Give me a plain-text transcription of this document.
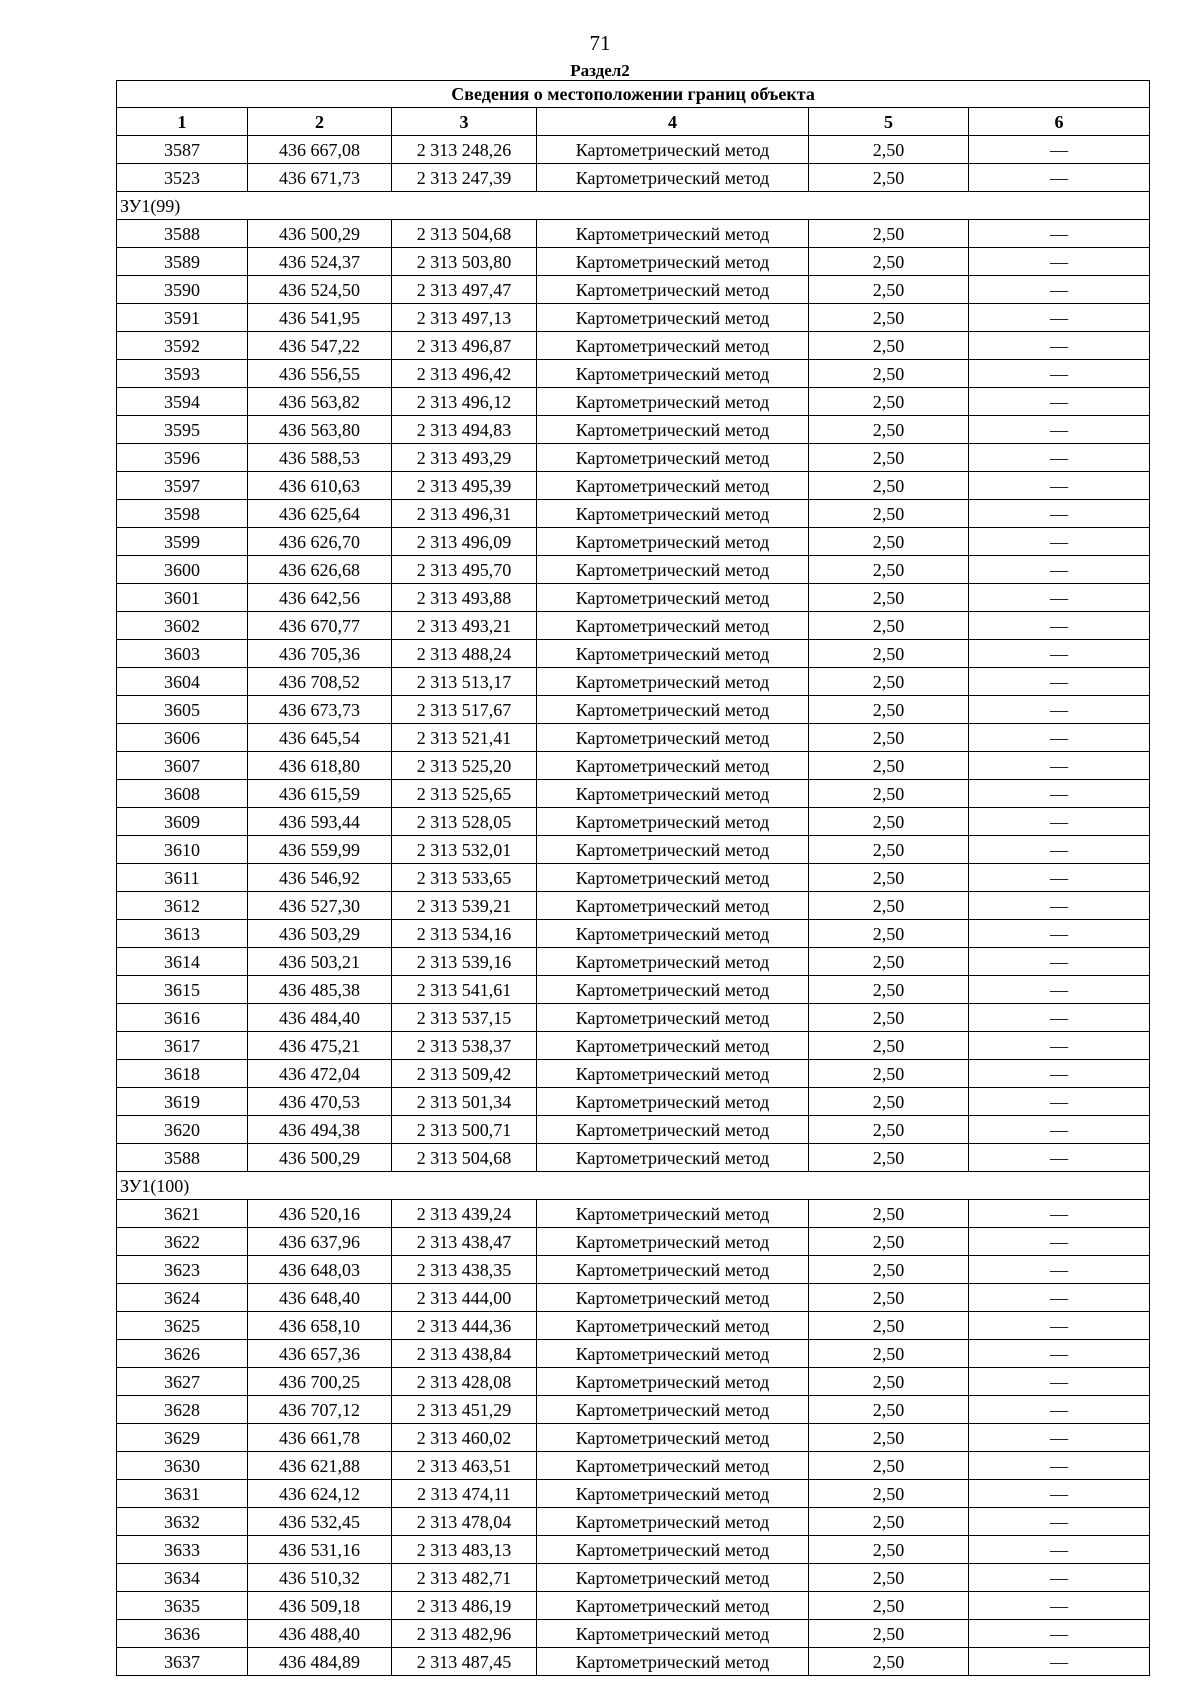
71
Раздел2
Сведения о местоположении границ объекта					
1	2	3	4	5	6
3587	436 667,08	2 313 248,26	Картометрический метод	2,50	—
3523	436 671,73	2 313 247,39	Картометрический метод	2,50	—
ЗУ1(99)					
3588	436 500,29	2 313 504,68	Картометрический метод	2,50	—
3589	436 524,37	2 313 503,80	Картометрический метод	2,50	—
3590	436 524,50	2 313 497,47	Картометрический метод	2,50	—
3591	436 541,95	2 313 497,13	Картометрический метод	2,50	—
3592	436 547,22	2 313 496,87	Картометрический метод	2,50	—
3593	436 556,55	2 313 496,42	Картометрический метод	2,50	—
3594	436 563,82	2 313 496,12	Картометрический метод	2,50	—
3595	436 563,80	2 313 494,83	Картометрический метод	2,50	—
3596	436 588,53	2 313 493,29	Картометрический метод	2,50	—
3597	436 610,63	2 313 495,39	Картометрический метод	2,50	—
3598	436 625,64	2 313 496,31	Картометрический метод	2,50	—
3599	436 626,70	2 313 496,09	Картометрический метод	2,50	—
3600	436 626,68	2 313 495,70	Картометрический метод	2,50	—
3601	436 642,56	2 313 493,88	Картометрический метод	2,50	—
3602	436 670,77	2 313 493,21	Картометрический метод	2,50	—
3603	436 705,36	2 313 488,24	Картометрический метод	2,50	—
3604	436 708,52	2 313 513,17	Картометрический метод	2,50	—
3605	436 673,73	2 313 517,67	Картометрический метод	2,50	—
3606	436 645,54	2 313 521,41	Картометрический метод	2,50	—
3607	436 618,80	2 313 525,20	Картометрический метод	2,50	—
3608	436 615,59	2 313 525,65	Картометрический метод	2,50	—
3609	436 593,44	2 313 528,05	Картометрический метод	2,50	—
3610	436 559,99	2 313 532,01	Картометрический метод	2,50	—
3611	436 546,92	2 313 533,65	Картометрический метод	2,50	—
3612	436 527,30	2 313 539,21	Картометрический метод	2,50	—
3613	436 503,29	2 313 534,16	Картометрический метод	2,50	—
3614	436 503,21	2 313 539,16	Картометрический метод	2,50	—
3615	436 485,38	2 313 541,61	Картометрический метод	2,50	—
3616	436 484,40	2 313 537,15	Картометрический метод	2,50	—
3617	436 475,21	2 313 538,37	Картометрический метод	2,50	—
3618	436 472,04	2 313 509,42	Картометрический метод	2,50	—
3619	436 470,53	2 313 501,34	Картометрический метод	2,50	—
3620	436 494,38	2 313 500,71	Картометрический метод	2,50	—
3588	436 500,29	2 313 504,68	Картометрический метод	2,50	—
ЗУ1(100)					
3621	436 520,16	2 313 439,24	Картометрический метод	2,50	—
3622	436 637,96	2 313 438,47	Картометрический метод	2,50	—
3623	436 648,03	2 313 438,35	Картометрический метод	2,50	—
3624	436 648,40	2 313 444,00	Картометрический метод	2,50	—
3625	436 658,10	2 313 444,36	Картометрический метод	2,50	—
3626	436 657,36	2 313 438,84	Картометрический метод	2,50	—
3627	436 700,25	2 313 428,08	Картометрический метод	2,50	—
3628	436 707,12	2 313 451,29	Картометрический метод	2,50	—
3629	436 661,78	2 313 460,02	Картометрический метод	2,50	—
3630	436 621,88	2 313 463,51	Картометрический метод	2,50	—
3631	436 624,12	2 313 474,11	Картометрический метод	2,50	—
3632	436 532,45	2 313 478,04	Картометрический метод	2,50	—
3633	436 531,16	2 313 483,13	Картометрический метод	2,50	—
3634	436 510,32	2 313 482,71	Картометрический метод	2,50	—
3635	436 509,18	2 313 486,19	Картометрический метод	2,50	—
3636	436 488,40	2 313 482,96	Картометрический метод	2,50	—
3637	436 484,89	2 313 487,45	Картометрический метод	2,50	—
